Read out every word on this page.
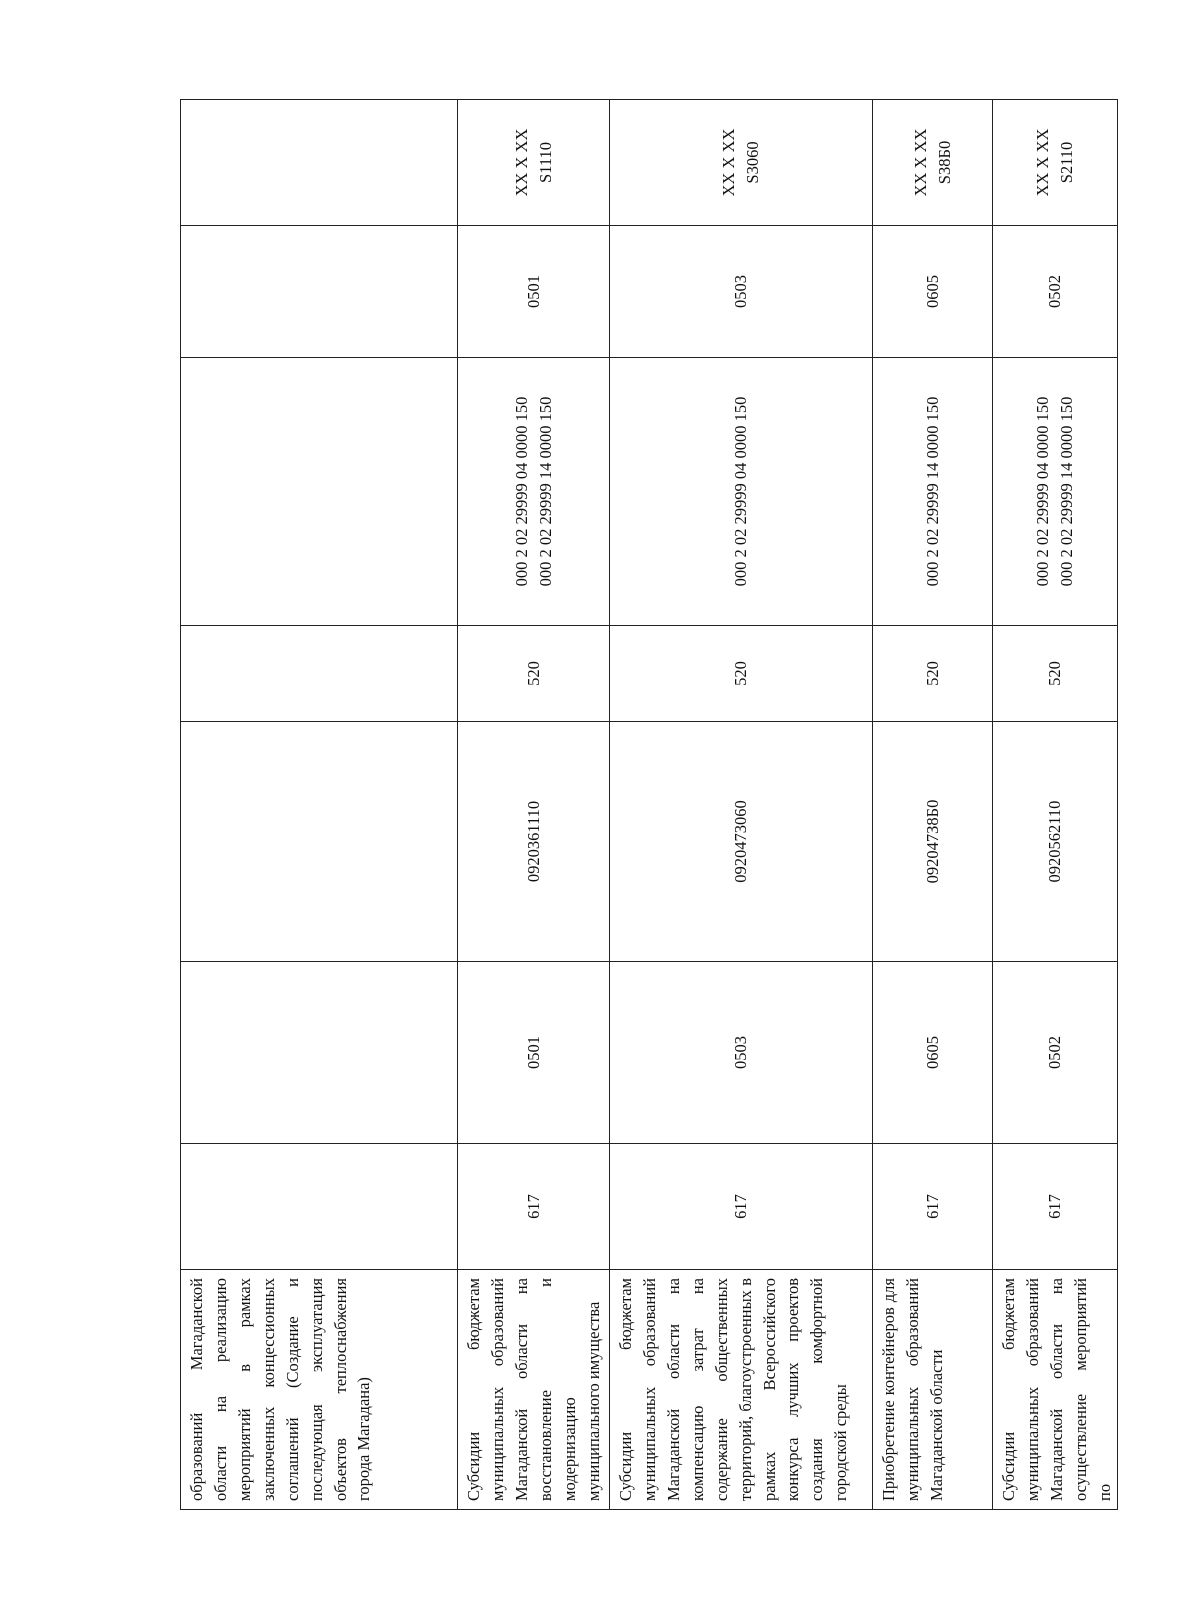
образований Магаданской области на реализацию мероприятий в рамках заключенных концессионных соглашений (Создание и последующая эксплуатация объектов теплоснабжения города Магадана)							
Субсидии бюджетам муниципальных образований Магаданской области на восстановление и модернизацию муниципального имущества	617	0501	0920361110	520	000 2 02 29999 04 0000 150 000 2 02 29999 14 0000 150	0501	XX X XX S1110
Субсидии бюджетам муниципальных образований Магаданской области на компенсацию затрат на содержание общественных территорий, благоустроенных в рамках Всероссийского конкурса лучших проектов создания комфортной городской среды	617	0503	0920473060	520	000 2 02 29999 04 0000 150	0503	XX X XX S3060
Приобретение контейнеров для муниципальных образований Магаданской области	617	0605	092047З8Б0	520	000 2 02 29999 14 0000 150	0605	XX X XX S38Б0
Субсидии бюджетам муниципальных образований Магаданской области на осуществление мероприятий по	617	0502	0920562110	520	000 2 02 29999 04 0000 150 000 2 02 29999 14 0000 150	0502	XX X XX S2110
